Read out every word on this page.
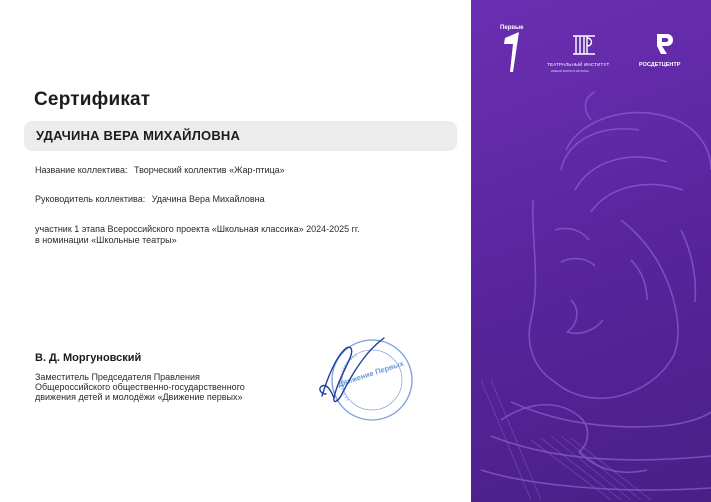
Сертификат
УДАЧИНА ВЕРА МИХАЙЛОВНА
Название коллектива: Творческий коллектив «Жар-птица»
Руководитель коллектива: Удачина Вера Михайловна
участник 1 этапа Всероссийского проекта «Школьная классика» 2024-2025 гг.
в номинации «Школьные театры»
В. Д. Моргуновский
Заместитель Председателя Правления
Общероссийского общественно-государственного
движения детей и молодёжи «Движение первых»
Движение Первых
Первые
ТЕАТРАЛЬНЫЙ ИНСТИТУТ
ИМЕНИ БОРИСА ЩУКИНА
РОСДЕТЦЕНТР
